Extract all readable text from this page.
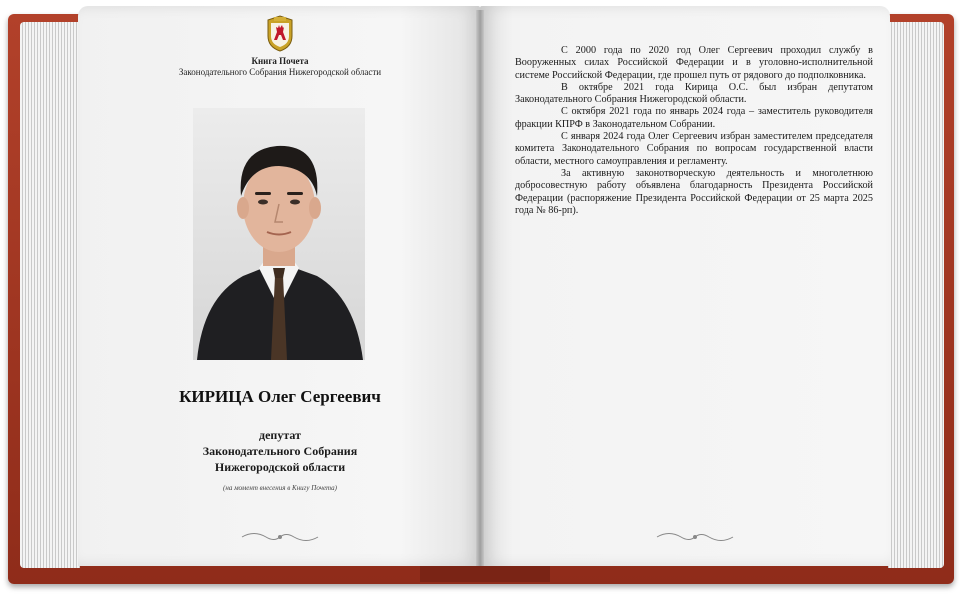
Книга Почета
Законодательного Собрания Нижегородской области
КИРИЦА Олег Сергеевич
депутат
Законодательного Собрания
Нижегородской области
(на момент внесения в Книгу Почета)

С 2000 года по 2020 год Олег Сергеевич проходил службу в Вооруженных силах Российской Федерации и в уголовно-исполнительной системе Российской Федерации, где прошел путь от рядового до подполковника.

В октябре 2021 года Кирица О.С. был избран депутатом Законодательного Собрания Нижегородской области.

С октября 2021 года по январь 2024 года – заместитель руководителя фракции КПРФ в Законодательном Собрании.

С января 2024 года Олег Сергеевич избран заместителем председателя комитета Законодательного Собрания по вопросам государственной власти области, местного самоуправления и регламенту.

За активную законотворческую деятельность и многолетнюю добросовестную работу объявлена благодарность Президента Российской Федерации (распоряжение Президента Российской Федерации от 25 марта 2025 года № 86-рп).
